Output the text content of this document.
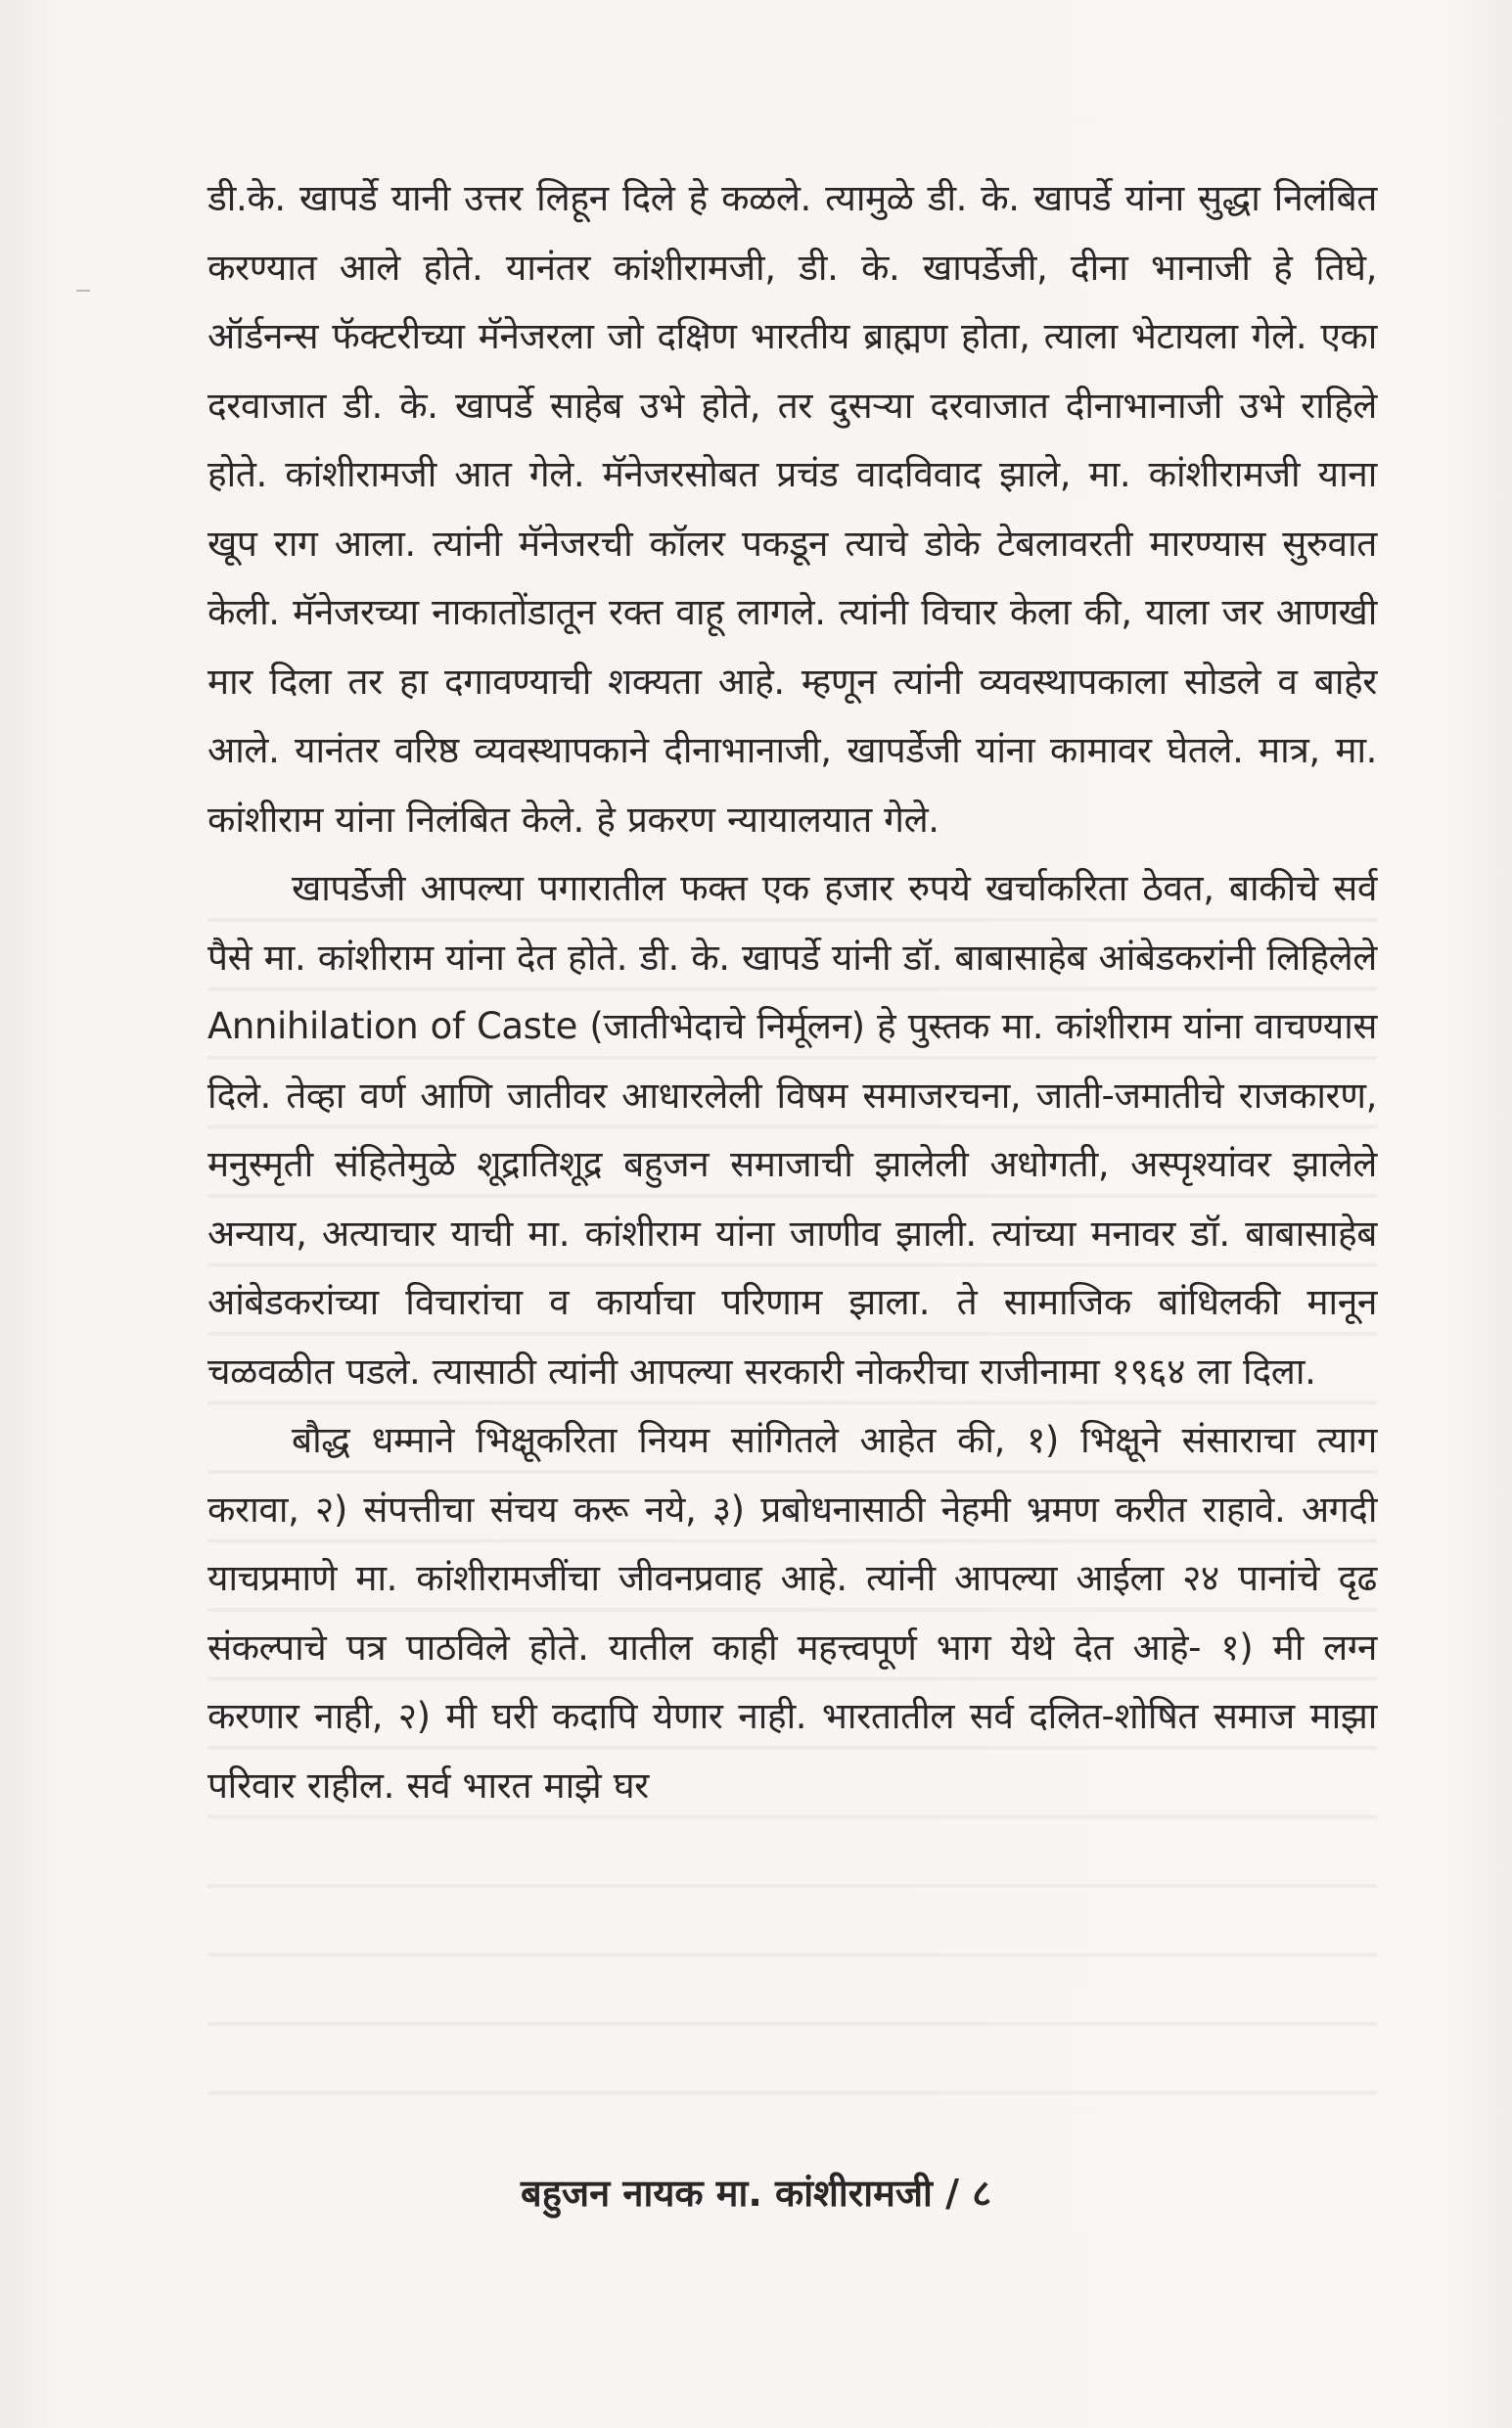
डी.के. खापर्डे यानी उत्तर लिहून दिले हे कळले. त्यामुळे डी. के. खापर्डे यांना सुद्धा निलंबित करण्यात आले होते. यानंतर कांशीरामजी, डी. के. खापर्डेजी, दीना भानाजी हे तिघे, ऑर्डनन्स फॅक्टरीच्या मॅनेजरला जो दक्षिण भारतीय ब्राह्मण होता, त्याला भेटायला गेले. एका दरवाजात डी. के. खापर्डे साहेब उभे होते, तर दुसऱ्या दरवाजात दीनाभानाजी उभे राहिले होते. कांशीरामजी आत गेले. मॅनेजरसोबत प्रचंड वादविवाद झाले, मा. कांशीरामजी याना खूप राग आला. त्यांनी मॅनेजरची कॉलर पकडून त्याचे डोके टेबलावरती मारण्यास सुरुवात केली. मॅनेजरच्या नाकातोंडातून रक्त वाहू लागले. त्यांनी विचार केला की, याला जर आणखी मार दिला तर हा दगावण्याची शक्यता आहे. म्हणून त्यांनी व्यवस्थापकाला सोडले व बाहेर आले. यानंतर वरिष्ठ व्यवस्थापकाने दीनाभानाजी, खापर्डेजी यांना कामावर घेतले. मात्र, मा. कांशीराम यांना निलंबित केले. हे प्रकरण न्यायालयात गेले.

खापर्डेजी आपल्या पगारातील फक्त एक हजार रुपये खर्चाकरिता ठेवत, बाकीचे सर्व पैसे मा. कांशीराम यांना देत होते. डी. के. खापर्डे यांनी डॉ. बाबासाहेब आंबेडकरांनी लिहिलेले Annihilation of Caste (जातीभेदाचे निर्मूलन) हे पुस्तक मा. कांशीराम यांना वाचण्यास दिले. तेव्हा वर्ण आणि जातीवर आधारलेली विषम समाजरचना, जाती-जमातीचे राजकारण, मनुस्मृती संहितेमुळे शूद्रातिशूद्र बहुजन समाजाची झालेली अधोगती, अस्पृश्यांवर झालेले अन्याय, अत्याचार याची मा. कांशीराम यांना जाणीव झाली. त्यांच्या मनावर डॉ. बाबासाहेब आंबेडकरांच्या विचारांचा व कार्याचा परिणाम झाला. ते सामाजिक बांधिलकी मानून चळवळीत पडले. त्यासाठी त्यांनी आपल्या सरकारी नोकरीचा राजीनामा १९६४ ला दिला.

बौद्ध धम्माने भिक्षूकरिता नियम सांगितले आहेत की, १) भिक्षूने संसाराचा त्याग करावा, २) संपत्तीचा संचय करू नये, ३) प्रबोधनासाठी नेहमी भ्रमण करीत राहावे. अगदी याचप्रमाणे मा. कांशीरामजींचा जीवनप्रवाह आहे. त्यांनी आपल्या आईला २४ पानांचे दृढ संकल्पाचे पत्र पाठविले होते. यातील काही महत्त्वपूर्ण भाग येथे देत आहे- १) मी लग्न करणार नाही, २) मी घरी कदापि येणार नाही. भारतातील सर्व दलित-शोषित समाज माझा परिवार राहील. सर्व भारत माझे घर

बहुजन नायक मा. कांशीरामजी / ८
